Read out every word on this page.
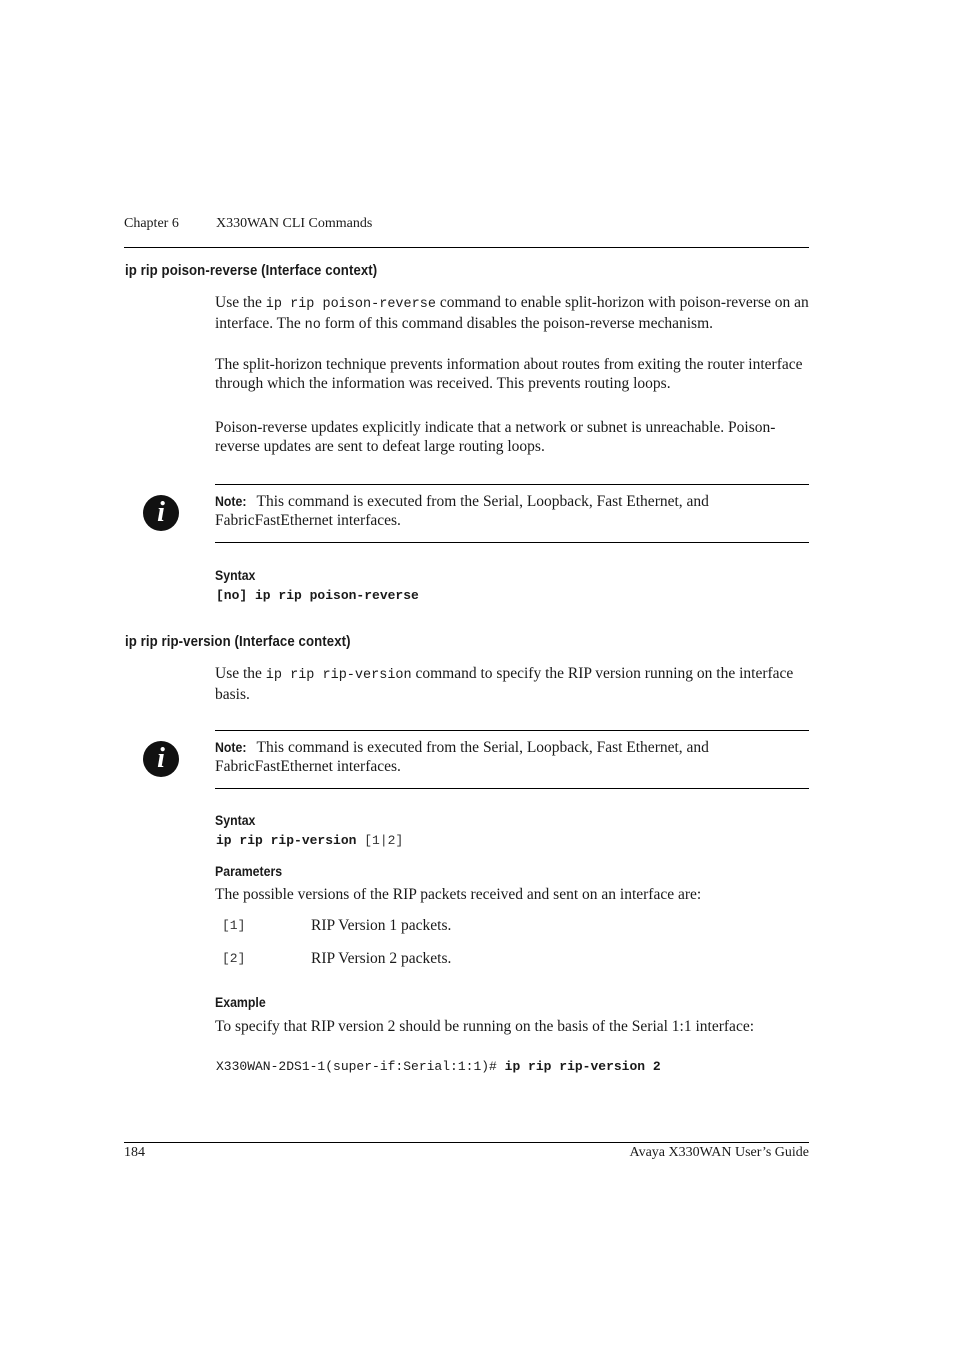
Chapter 6	X330WAN CLI Commands
ip rip poison-reverse (Interface context)
Use the ip rip poison-reverse command to enable split-horizon with poison-reverse on an interface. The no form of this command disables the poison-reverse mechanism.
The split-horizon technique prevents information about routes from exiting the router interface through which the information was received. This prevents routing loops.
Poison-reverse updates explicitly indicate that a network or subnet is unreachable. Poison-reverse updates are sent to defeat large routing loops.
i	Note: This command is executed from the Serial, Loopback, Fast Ethernet, and FabricFastEthernet interfaces.
Syntax
[no] ip rip poison-reverse
ip rip rip-version (Interface context)
Use the ip rip rip-version command to specify the RIP version running on the interface basis.
i	Note: This command is executed from the Serial, Loopback, Fast Ethernet, and FabricFastEthernet interfaces.
Syntax
ip rip rip-version [1|2]
Parameters
The possible versions of the RIP packets received and sent on an interface are:
[1]	RIP Version 1 packets.
[2]	RIP Version 2 packets.
Example
To specify that RIP version 2 should be running on the basis of the Serial 1:1 interface:
X330WAN-2DS1-1(super-if:Serial:1:1)# ip rip rip-version 2
184	Avaya X330WAN User’s Guide
